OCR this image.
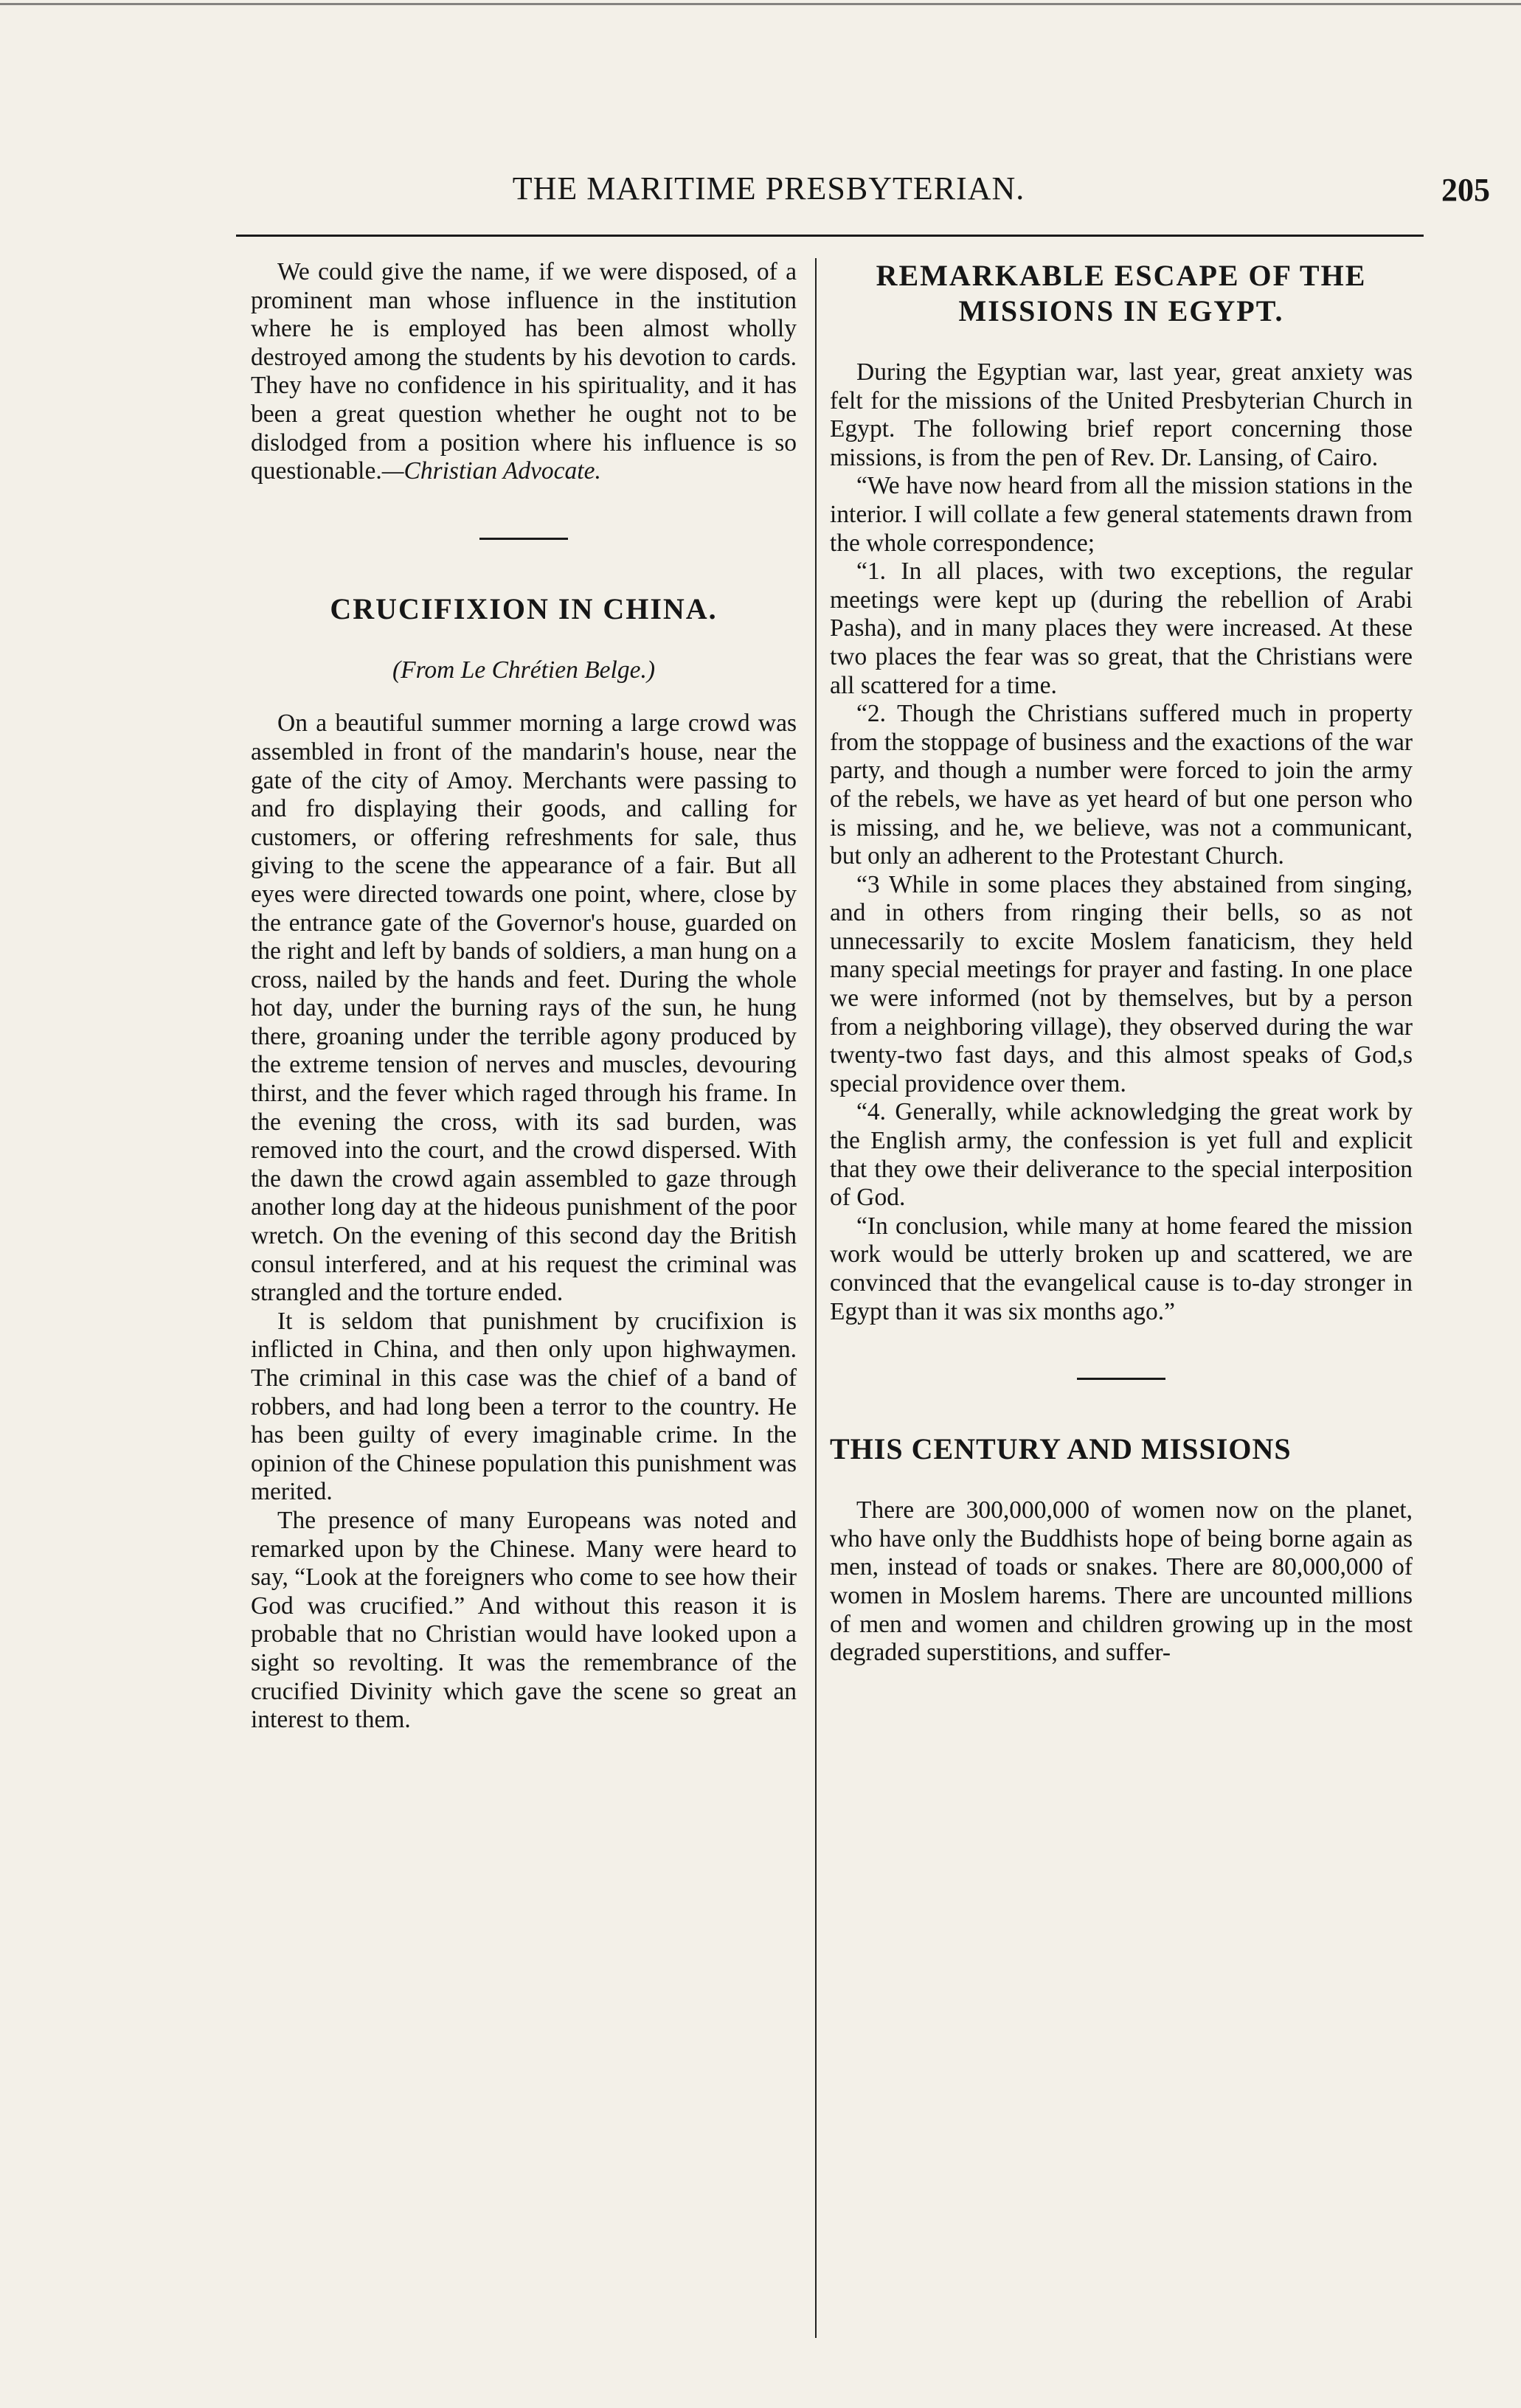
THE MARITIME PRESBYTERIAN.	205

We could give the name, if we were disposed, of a prominent man whose influence in the institution where he is employed has been almost wholly destroyed among the students by his devotion to cards. They have no confidence in his spirituality, and it has been a great question whether he ought not to be dislodged from a position where his influence is so questionable.—Christian Advocate.

CRUCIFIXION IN CHINA.

(From Le Chrétien Belge.)

On a beautiful summer morning a large crowd was assembled in front of the mandarin's house, near the gate of the city of Amoy. Merchants were passing to and fro displaying their goods, and calling for customers, or offering refreshments for sale, thus giving to the scene the appearance of a fair. But all eyes were directed towards one point, where, close by the entrance gate of the Governor's house, guarded on the right and left by bands of soldiers, a man hung on a cross, nailed by the hands and feet. During the whole hot day, under the burning rays of the sun, he hung there, groaning under the terrible agony produced by the extreme tension of nerves and muscles, devouring thirst, and the fever which raged through his frame. In the evening the cross, with its sad burden, was removed into the court, and the crowd dispersed. With the dawn the crowd again assembled to gaze through another long day at the hideous punishment of the poor wretch. On the evening of this second day the British consul interfered, and at his request the criminal was strangled and the torture ended.

It is seldom that punishment by crucifixion is inflicted in China, and then only upon highwaymen. The criminal in this case was the chief of a band of robbers, and had long been a terror to the country. He has been guilty of every imaginable crime. In the opinion of the Chinese population this punishment was merited.

The presence of many Europeans was noted and remarked upon by the Chinese. Many were heard to say, “Look at the foreigners who come to see how their God was crucified.” And without this reason it is probable that no Christian would have looked upon a sight so revolting. It was the remembrance of the crucified Divinity which gave the scene so great an interest to them.

REMARKABLE ESCAPE OF THE
MISSIONS IN EGYPT.

During the Egyptian war, last year, great anxiety was felt for the missions of the United Presbyterian Church in Egypt. The following brief report concerning those missions, is from the pen of Rev. Dr. Lansing, of Cairo.

“We have now heard from all the mission stations in the interior. I will collate a few general statements drawn from the whole correspondence;

“1. In all places, with two exceptions, the regular meetings were kept up (during the rebellion of Arabi Pasha), and in many places they were increased. At these two places the fear was so great, that the Christians were all scattered for a time.

“2. Though the Christians suffered much in property from the stoppage of business and the exactions of the war party, and though a number were forced to join the army of the rebels, we have as yet heard of but one person who is missing, and he, we believe, was not a communicant, but only an adherent to the Protestant Church.

“3 While in some places they abstained from singing, and in others from ringing their bells, so as not unnecessarily to excite Moslem fanaticism, they held many special meetings for prayer and fasting. In one place we were informed (not by themselves, but by a person from a neighboring village), they observed during the war twenty-two fast days, and this almost speaks of God,s special providence over them.

“4. Generally, while acknowledging the great work by the English army, the confession is yet full and explicit that they owe their deliverance to the special interposition of God.

“In conclusion, while many at home feared the mission work would be utterly broken up and scattered, we are convinced that the evangelical cause is to-day stronger in Egypt than it was six months ago.”

THIS CENTURY AND MISSIONS

There are 300,000,000 of women now on the planet, who have only the Buddhists hope of being borne again as men, instead of toads or snakes. There are 80,000,000 of women in Moslem harems. There are uncounted millions of men and women and children growing up in the most degraded superstitions, and suffer-
